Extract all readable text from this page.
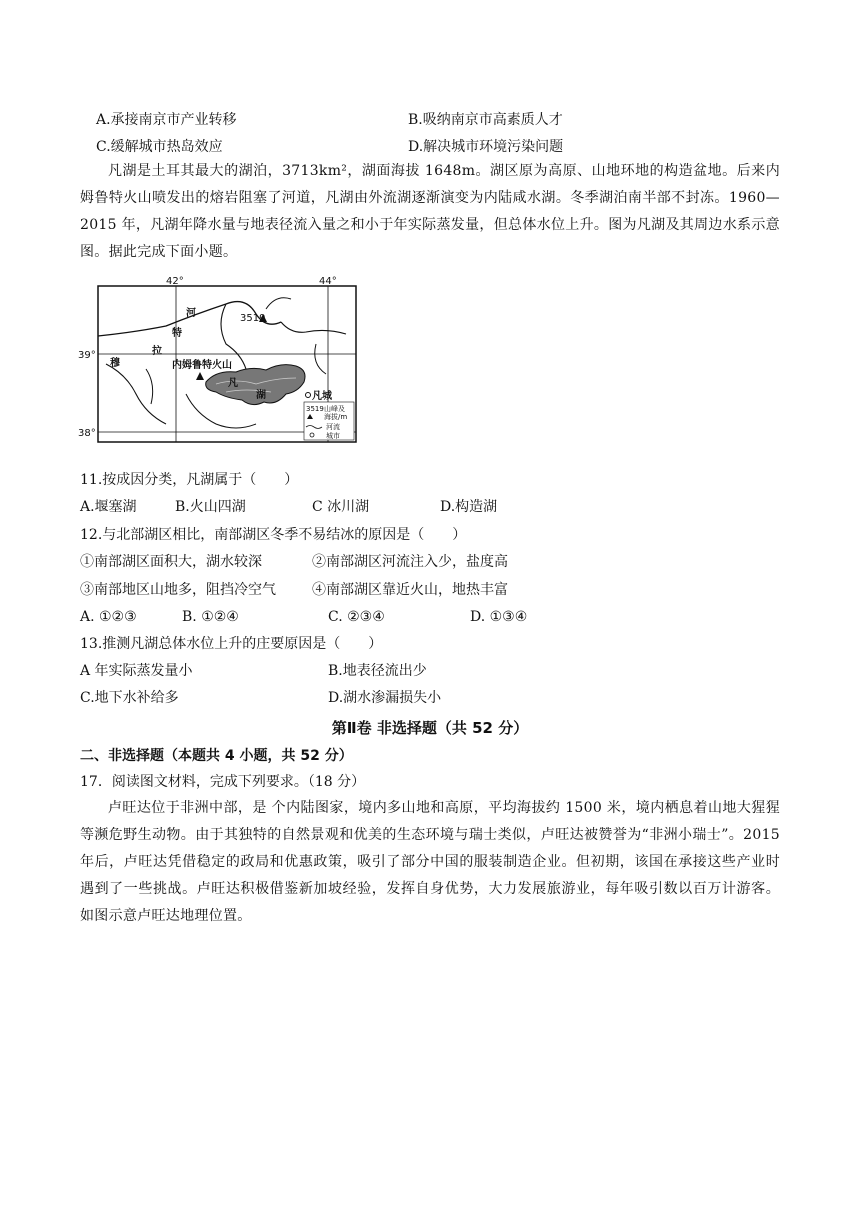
A.承接南京市产业转移	B.吸纳南京市高素质人才
C.缓解城市热岛效应	D.解决城市环境污染问题
凡湖是土耳其最大的湖泊，3713km²，湖面海拔 1648m。湖区原为高原、山地环地的构造盆地。后来内姆鲁特火山喷发出的熔岩阻塞了河道，凡湖由外流湖逐渐演变为内陆咸水湖。冬季湖泊南半部不封冻。1960—2015 年，凡湖年降水量与地表径流入量之和小于年实际蒸发量，但总体水位上升。图为凡湖及其周边水系示意图。据此完成下面小题。
3519
内姆鲁特火山
凡城
凡
湖
河
特
拉
穆
42°	44°
39°
38°
3519 山峰及
海拔/m
河流
城市
11.按成因分类，凡湖属于（　　）
A.堰塞湖	B.火山四湖	C 冰川湖	D.构造湖
12.与北部湖区相比，南部湖区冬季不易结冰的原因是（　　）
①南部湖区面积大，湖水较深	②南部湖区河流注入少，盐度高
③南部地区山地多，阻挡冷空气	④南部湖区靠近火山，地热丰富
A. ①②③	B. ①②④	C. ②③④	D. ①③④
13.推测凡湖总体水位上升的庄要原因是（　　）
A 年实际蒸发量小	B.地表径流出少
C.地下水补给多	D.湖水渗漏损失小
第Ⅱ卷 非选择题（共 52 分）
二、非选择题（本题共 4 小题，共 52 分）
17．阅读图文材料，完成下列要求。（18 分）
卢旺达位于非洲中部，是 个内陆图家，境内多山地和高原，平均海拔约 1500 米，境内栖息着山地大猩猩等濒危野生动物。由于其独特的自然景观和优美的生态环境与瑞士类似，卢旺达被赞誉为“非洲小瑞士”。2015 年后，卢旺达凭借稳定的政局和优惠政策，吸引了部分中国的服装制造企业。但初期，该国在承接这些产业时遇到了一些挑战。卢旺达积极借鉴新加坡经验，发挥自身优势，大力发展旅游业，每年吸引数以百万计游客。如图示意卢旺达地理位置。
